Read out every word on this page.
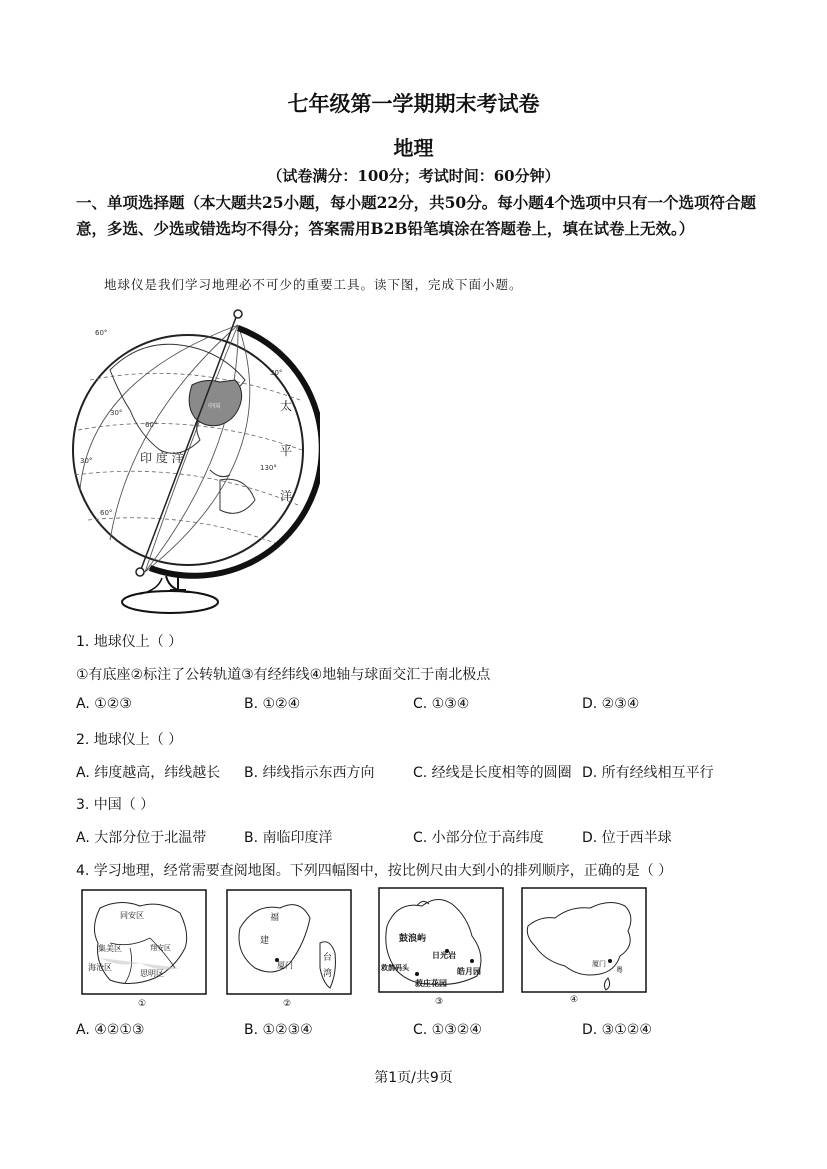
七年级第一学期期末考试卷
地理
（试卷满分：100分；考试时间：60分钟）
一、单项选择题（本大题共25小题，每小题22分，共50分。每小题4个选项中只有一个选项符合题意，多选、少选或错选均不得分；答案需用B2B铅笔填涂在答题卷上，填在试卷上无效。）
地球仪是我们学习地理必不可少的重要工具。读下图，完成下面小题。
中国
印 度 洋
太
平
洋
30°
60°
30°
60°
130°
60°
30°
1. 地球仪上（ ）
①有底座②标注了公转轨道③有经纬线④地轴与球面交汇于南北极点
A. ①②③	B. ①②④	C. ①③④	D. ②③④
2. 地球仪上（ ）
A. 纬度越高，纬线越长 B. 纬线指示东西方向	C. 经线是长度相等的圆圈 D. 所有经线相互平行
3. 中国（ ）
A. 大部分位于北温带	B. 南临印度洋	C. 小部分位于高纬度	D. 位于西半球
4. 学习地理，经常需要查阅地图。下列四幅图中，按比例尺由大到小的排列顺序，正确的是（ ）
同安区
集美区	翔安区
海沧区
思明区
①
福
建
厦门
台
湾
②
菽庄花园
日光岩
皓月园
鼓浪屿
救鹊码头
③
厦门
粤
④
A. ④②①③	B. ①②③④	C. ①③②④	D. ③①②④
第1页/共9页
